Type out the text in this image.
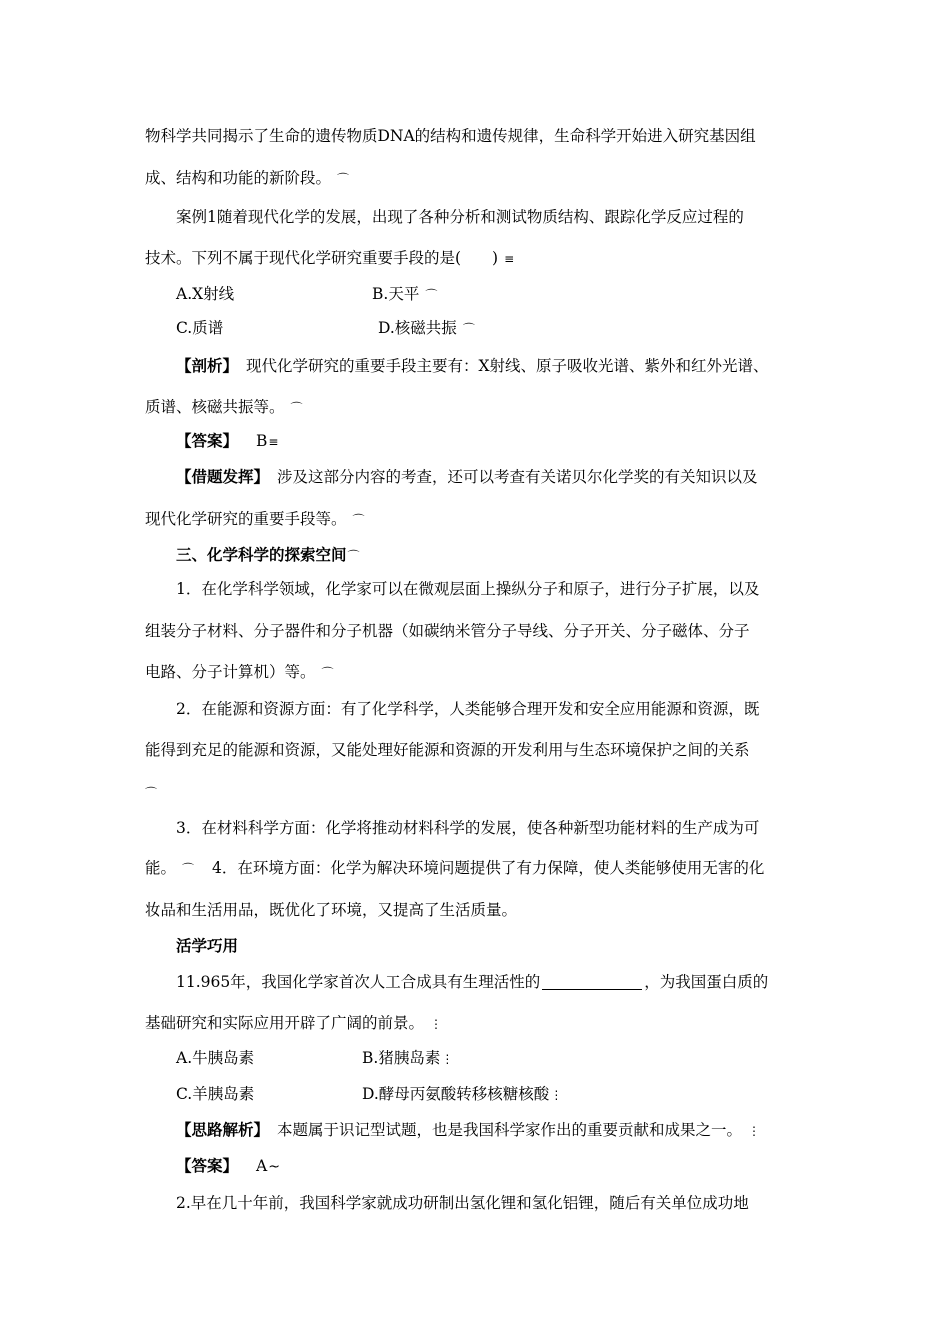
物科学共同揭示了生命的遗传物质DNA的结构和遗传规律，生命科学开始进入研究基因组
成、结构和功能的新阶段。 ⌒
案例1随着现代化学的发展，出现了各种分析和测试物质结构、跟踪化学反应过程的
技术。下列不属于现代化学研究重要手段的是(　　) ≡
A.X射线	B.天平 ⌒
C.质谱	D.核磁共振 ⌒
【剖析】 现代化学研究的重要手段主要有：X射线、原子吸收光谱、紫外和红外光谱、
质谱、核磁共振等。 ⌒
【答案】 B≡
【借题发挥】 涉及这部分内容的考查，还可以考查有关诺贝尔化学奖的有关知识以及
现代化学研究的重要手段等。 ⌒
三、化学科学的探索空间⌒
1．在化学科学领域，化学家可以在微观层面上操纵分子和原子，进行分子扩展，以及
组装分子材料、分子器件和分子机器（如碳纳米管分子导线、分子开关、分子磁体、分子
电路、分子计算机）等。 ⌒
2．在能源和资源方面：有了化学科学，人类能够合理开发和安全应用能源和资源，既
能得到充足的能源和资源，又能处理好能源和资源的开发利用与生态环境保护之间的关系
⌒
3．在材料科学方面：化学将推动材料科学的发展，使各种新型功能材料的生产成为可
能。 ⌒ 4．在环境方面：化学为解决环境问题提供了有力保障，使人类能够使用无害的化
妆品和生活用品，既优化了环境，又提高了生活质量。
活学巧用
11.965年，我国化学家首次人工合成具有生理活性的	，为我国蛋白质的
基础研究和实际应用开辟了广阔的前景。 ⋮
A.牛胰岛素	B.猪胰岛素⋮
C.羊胰岛素	D.酵母丙氨酸转移核糖核酸⋮
【思路解析】 本题属于识记型试题，也是我国科学家作出的重要贡献和成果之一。 ⋮
【答案】 A~
2.早在几十年前，我国科学家就成功研制出氢化锂和氢化铝锂，随后有关单位成功地
